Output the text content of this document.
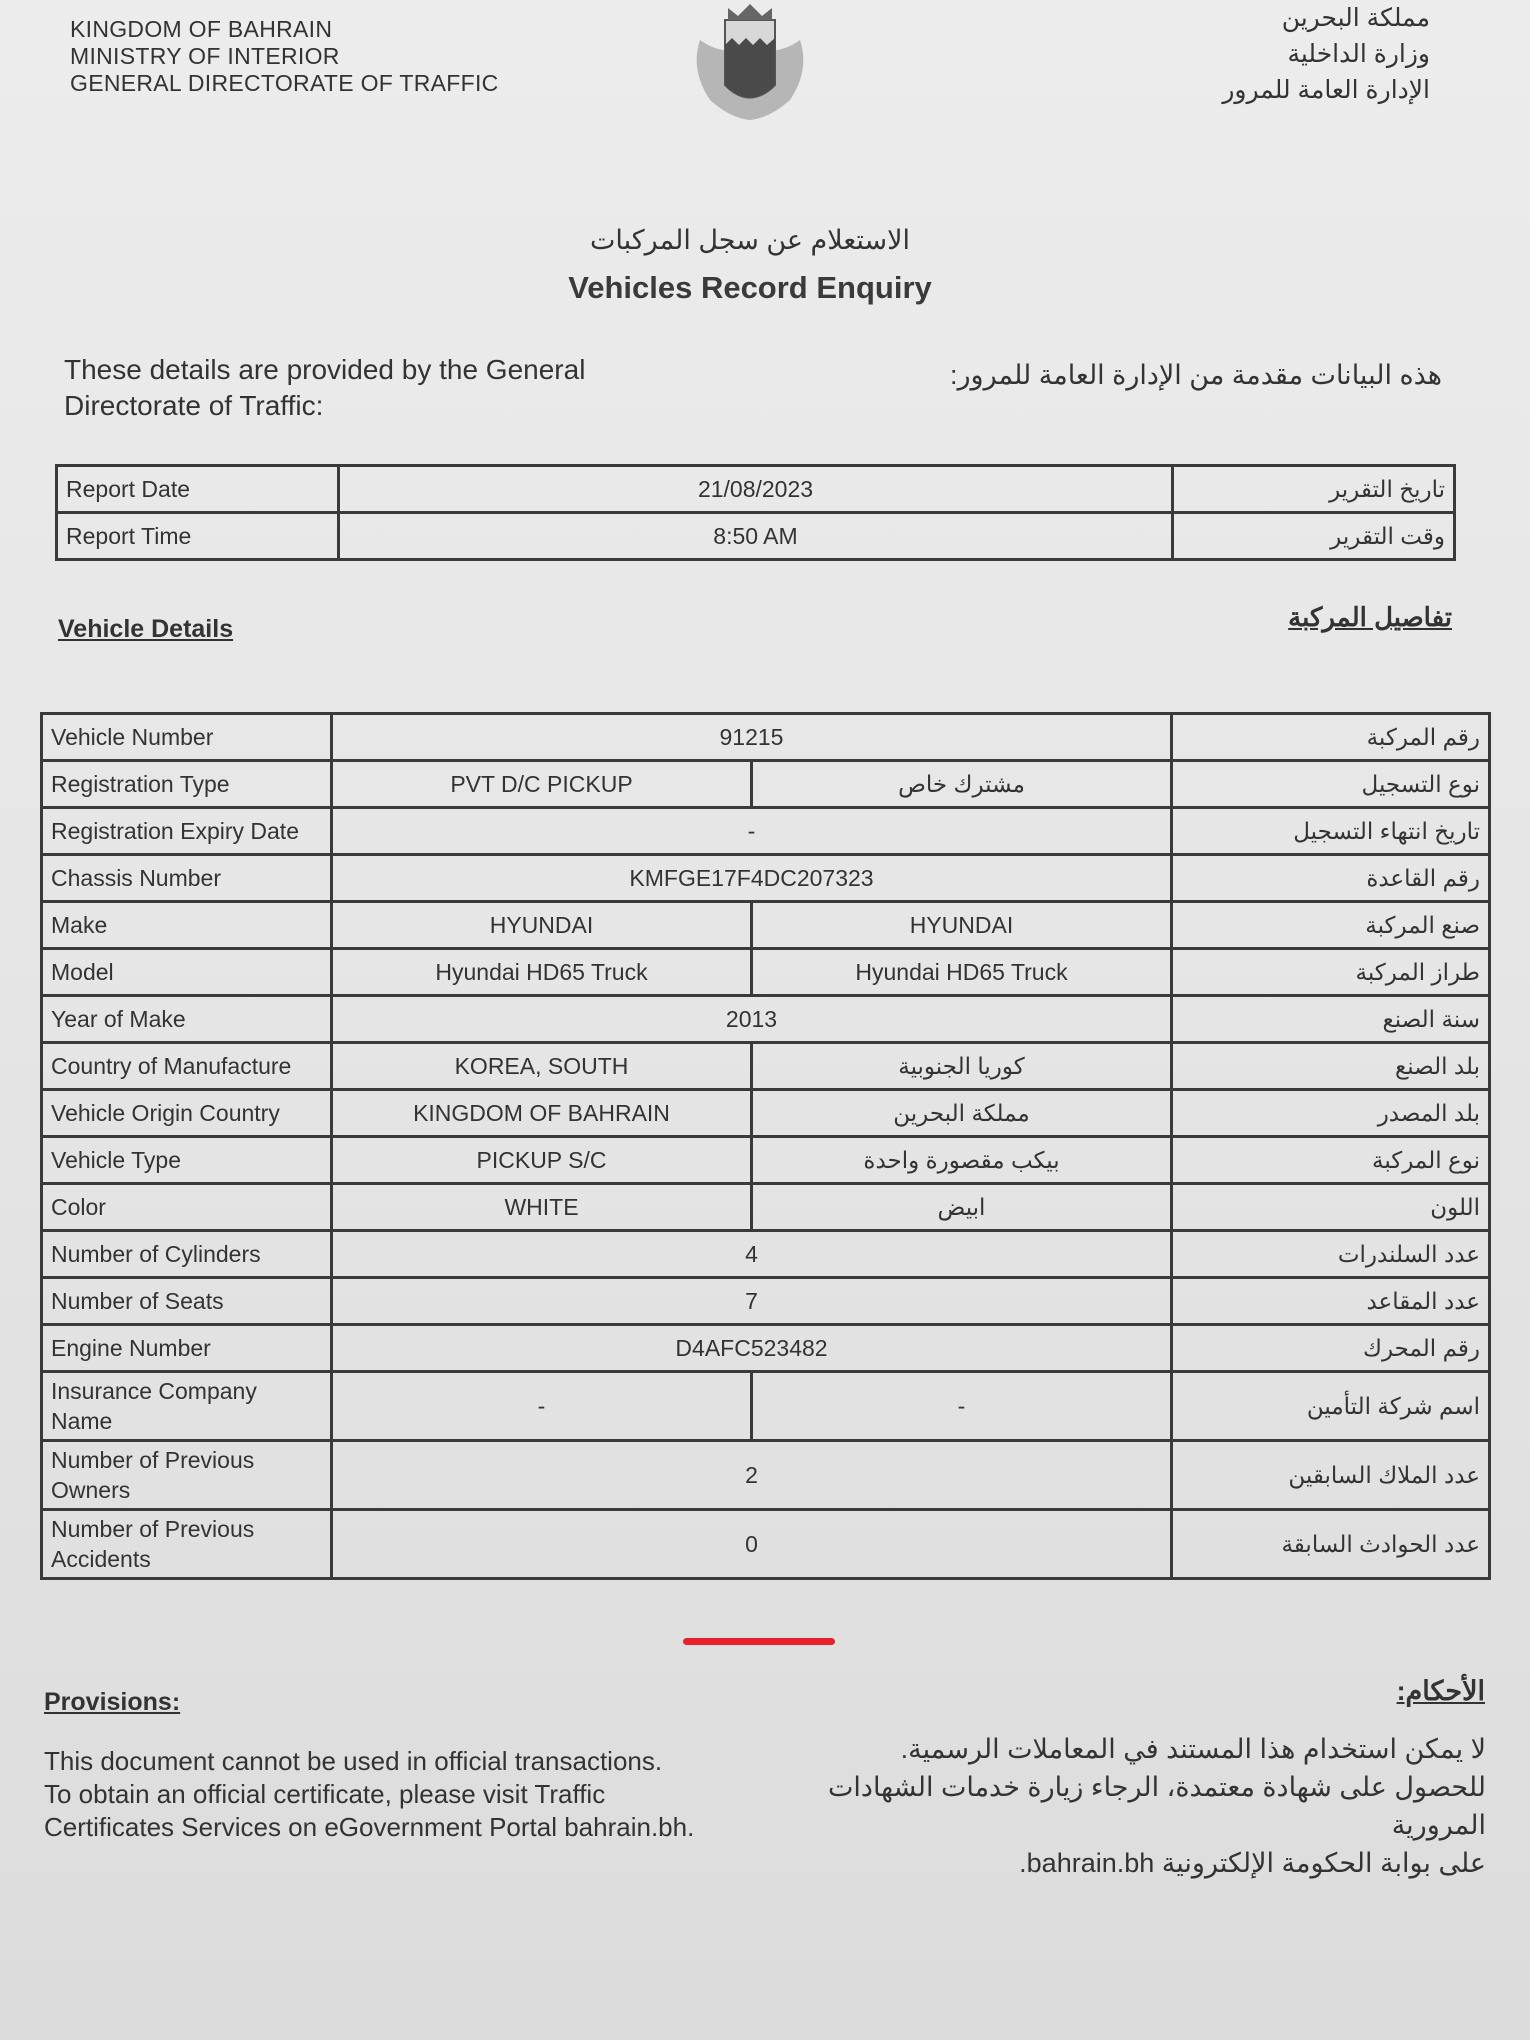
KINGDOM OF BAHRAIN
MINISTRY OF INTERIOR
GENERAL DIRECTORATE OF TRAFFIC
مملكة البحرين
وزارة الداخلية
الإدارة العامة للمرور
الاستعلام عن سجل المركبات
Vehicles Record Enquiry
These details are provided by the General Directorate of Traffic:
هذه البيانات مقدمة من الإدارة العامة للمرور:
Report Date	21/08/2023	تاريخ التقرير
Report Time	8:50 AM	وقت التقرير
Vehicle Details	تفاصيل المركبة
Vehicle Number	91215		رقم المركبة
Registration Type	PVT D/C PICKUP	مشترك خاص	نوع التسجيل
Registration Expiry Date	-		تاريخ انتهاء التسجيل
Chassis Number	KMFGE17F4DC207323		رقم القاعدة
Make	HYUNDAI	HYUNDAI	صنع المركبة
Model	Hyundai HD65 Truck	Hyundai HD65 Truck	طراز المركبة
Year of Make	2013		سنة الصنع
Country of Manufacture	KOREA, SOUTH	كوريا الجنوبية	بلد الصنع
Vehicle Origin Country	KINGDOM OF BAHRAIN	مملكة البحرين	بلد المصدر
Vehicle Type	PICKUP S/C	بيكب مقصورة واحدة	نوع المركبة
Color	WHITE	ابيض	اللون
Number of Cylinders	4		عدد السلندرات
Number of Seats	7		عدد المقاعد
Engine Number	D4AFC523482		رقم المحرك
Insurance Company Name	-	-	اسم شركة التأمين
Number of Previous Owners	2		عدد الملاك السابقين
Number of Previous Accidents	0		عدد الحوادث السابقة
Provisions:	الأحكام:
This document cannot be used in official transactions.
To obtain an official certificate, please visit Traffic
Certificates Services on eGovernment Portal bahrain.bh.
لا يمكن استخدام هذا المستند في المعاملات الرسمية.
للحصول على شهادة معتمدة، الرجاء زيارة خدمات الشهادات المرورية
على بوابة الحكومة الإلكترونية bahrain.bh.
